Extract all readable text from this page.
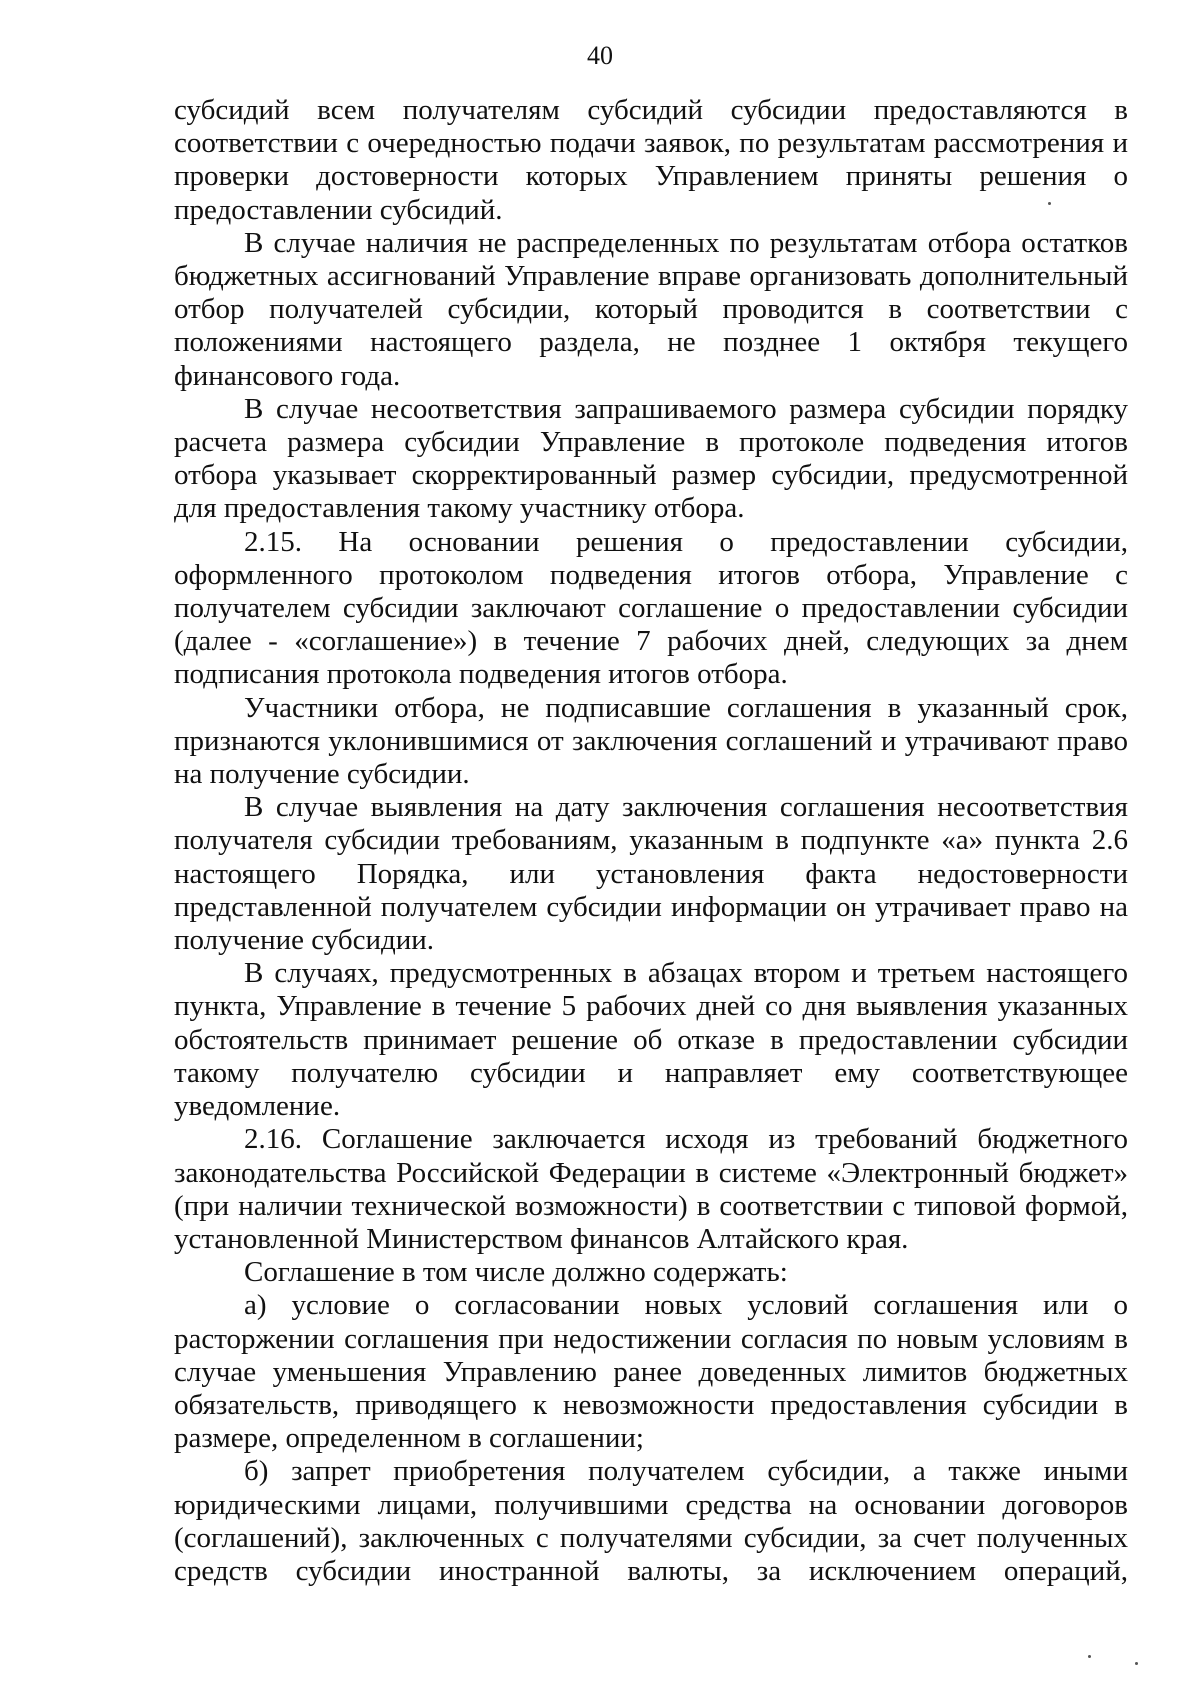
40

субсидий всем получателям субсидий субсидии предоставляются в соответствии с очередностью подачи заявок, по результатам рассмотрения и проверки достоверности которых Управлением приняты решения о предоставлении субсидий.

В случае наличия не распределенных по результатам отбора остатков бюджетных ассигнований Управление вправе организовать дополнительный отбор получателей субсидии, который проводится в соответствии с положениями настоящего раздела, не позднее 1 октября текущего финансового года.

В случае несоответствия запрашиваемого размера субсидии порядку расчета размера субсидии Управление в протоколе подведения итогов отбора указывает скорректированный размер субсидии, предусмотренной для предоставления такому участнику отбора.

2.15. На основании решения о предоставлении субсидии, оформленного протоколом подведения итогов отбора, Управление с получателем субсидии заключают соглашение о предоставлении субсидии (далее - «соглашение») в течение 7 рабочих дней, следующих за днем подписания протокола подведения итогов отбора.

Участники отбора, не подписавшие соглашения в указанный срок, признаются уклонившимися от заключения соглашений и утрачивают право на получение субсидии.

В случае выявления на дату заключения соглашения несоответствия получателя субсидии требованиям, указанным в подпункте «а» пункта 2.6 настоящего Порядка, или установления факта недостоверности представленной получателем субсидии информации он утрачивает право на получение субсидии.

В случаях, предусмотренных в абзацах втором и третьем настоящего пункта, Управление в течение 5 рабочих дней со дня выявления указанных обстоятельств принимает решение об отказе в предоставлении субсидии такому получателю субсидии и направляет ему соответствующее уведомление.

2.16. Соглашение заключается исходя из требований бюджетного законодательства Российской Федерации в системе «Электронный бюджет» (при наличии технической возможности) в соответствии с типовой формой, установленной Министерством финансов Алтайского края.

Соглашение в том числе должно содержать:

а) условие о согласовании новых условий соглашения или о расторжении соглашения при недостижении согласия по новым условиям в случае уменьшения Управлению ранее доведенных лимитов бюджетных обязательств, приводящего к невозможности предоставления субсидии в размере, определенном в соглашении;

б) запрет приобретения получателем субсидии, а также иными юридическими лицами, получившими средства на основании договоров (соглашений), заключенных с получателями субсидии, за счет полученных средств субсидии иностранной валюты, за исключением операций,
